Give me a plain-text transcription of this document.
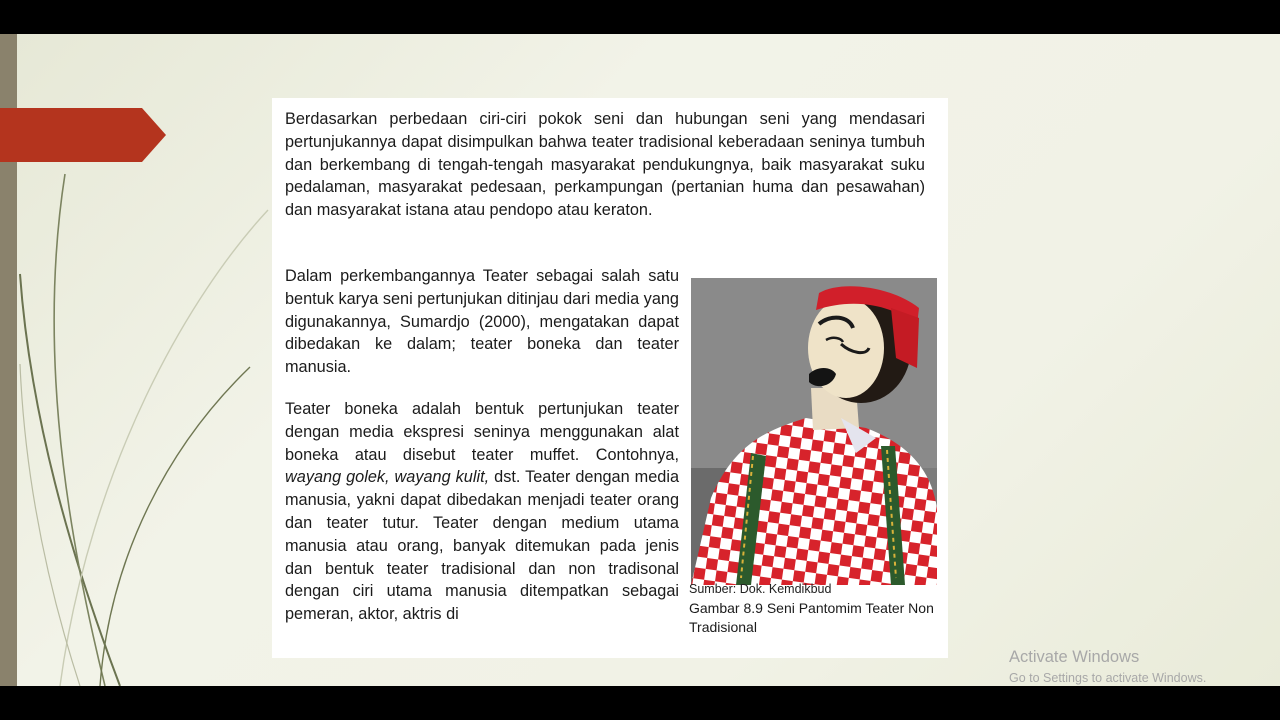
Berdasarkan perbedaan ciri-ciri pokok seni dan hubungan seni yang mendasari pertunjukannya dapat disimpulkan bahwa teater tradisional keberadaan seninya tumbuh dan berkembang di tengah-tengah masyarakat pendukungnya, baik masyarakat suku pedalaman, masyarakat pedesaan, perkampungan (pertanian huma dan pesawahan) dan masyarakat istana atau pendopo atau keraton.

Dalam perkembangannya Teater sebagai salah satu bentuk karya seni pertunjukan ditinjau dari media yang digunakannya, Sumardjo (2000), mengatakan dapat dibedakan ke dalam; teater boneka dan teater manusia.

Teater boneka adalah bentuk pertunjukan teater dengan media ekspresi seninya menggunakan alat boneka atau disebut teater muffet. Contohnya, wayang golek, wayang kulit, dst. Teater dengan media manusia, yakni dapat dibedakan menjadi teater orang dan teater tutur. Teater dengan medium utama manusia atau orang, banyak ditemukan pada jenis dan bentuk teater tradisional dan non tradisonal dengan ciri utama manusia ditempatkan sebagai pemeran, aktor, aktris di

Sumber: Dok. Kemdikbud
Gambar 8.9 Seni Pantomim Teater Non Tradisional
Activate Windows
Go to Settings to activate Windows.
